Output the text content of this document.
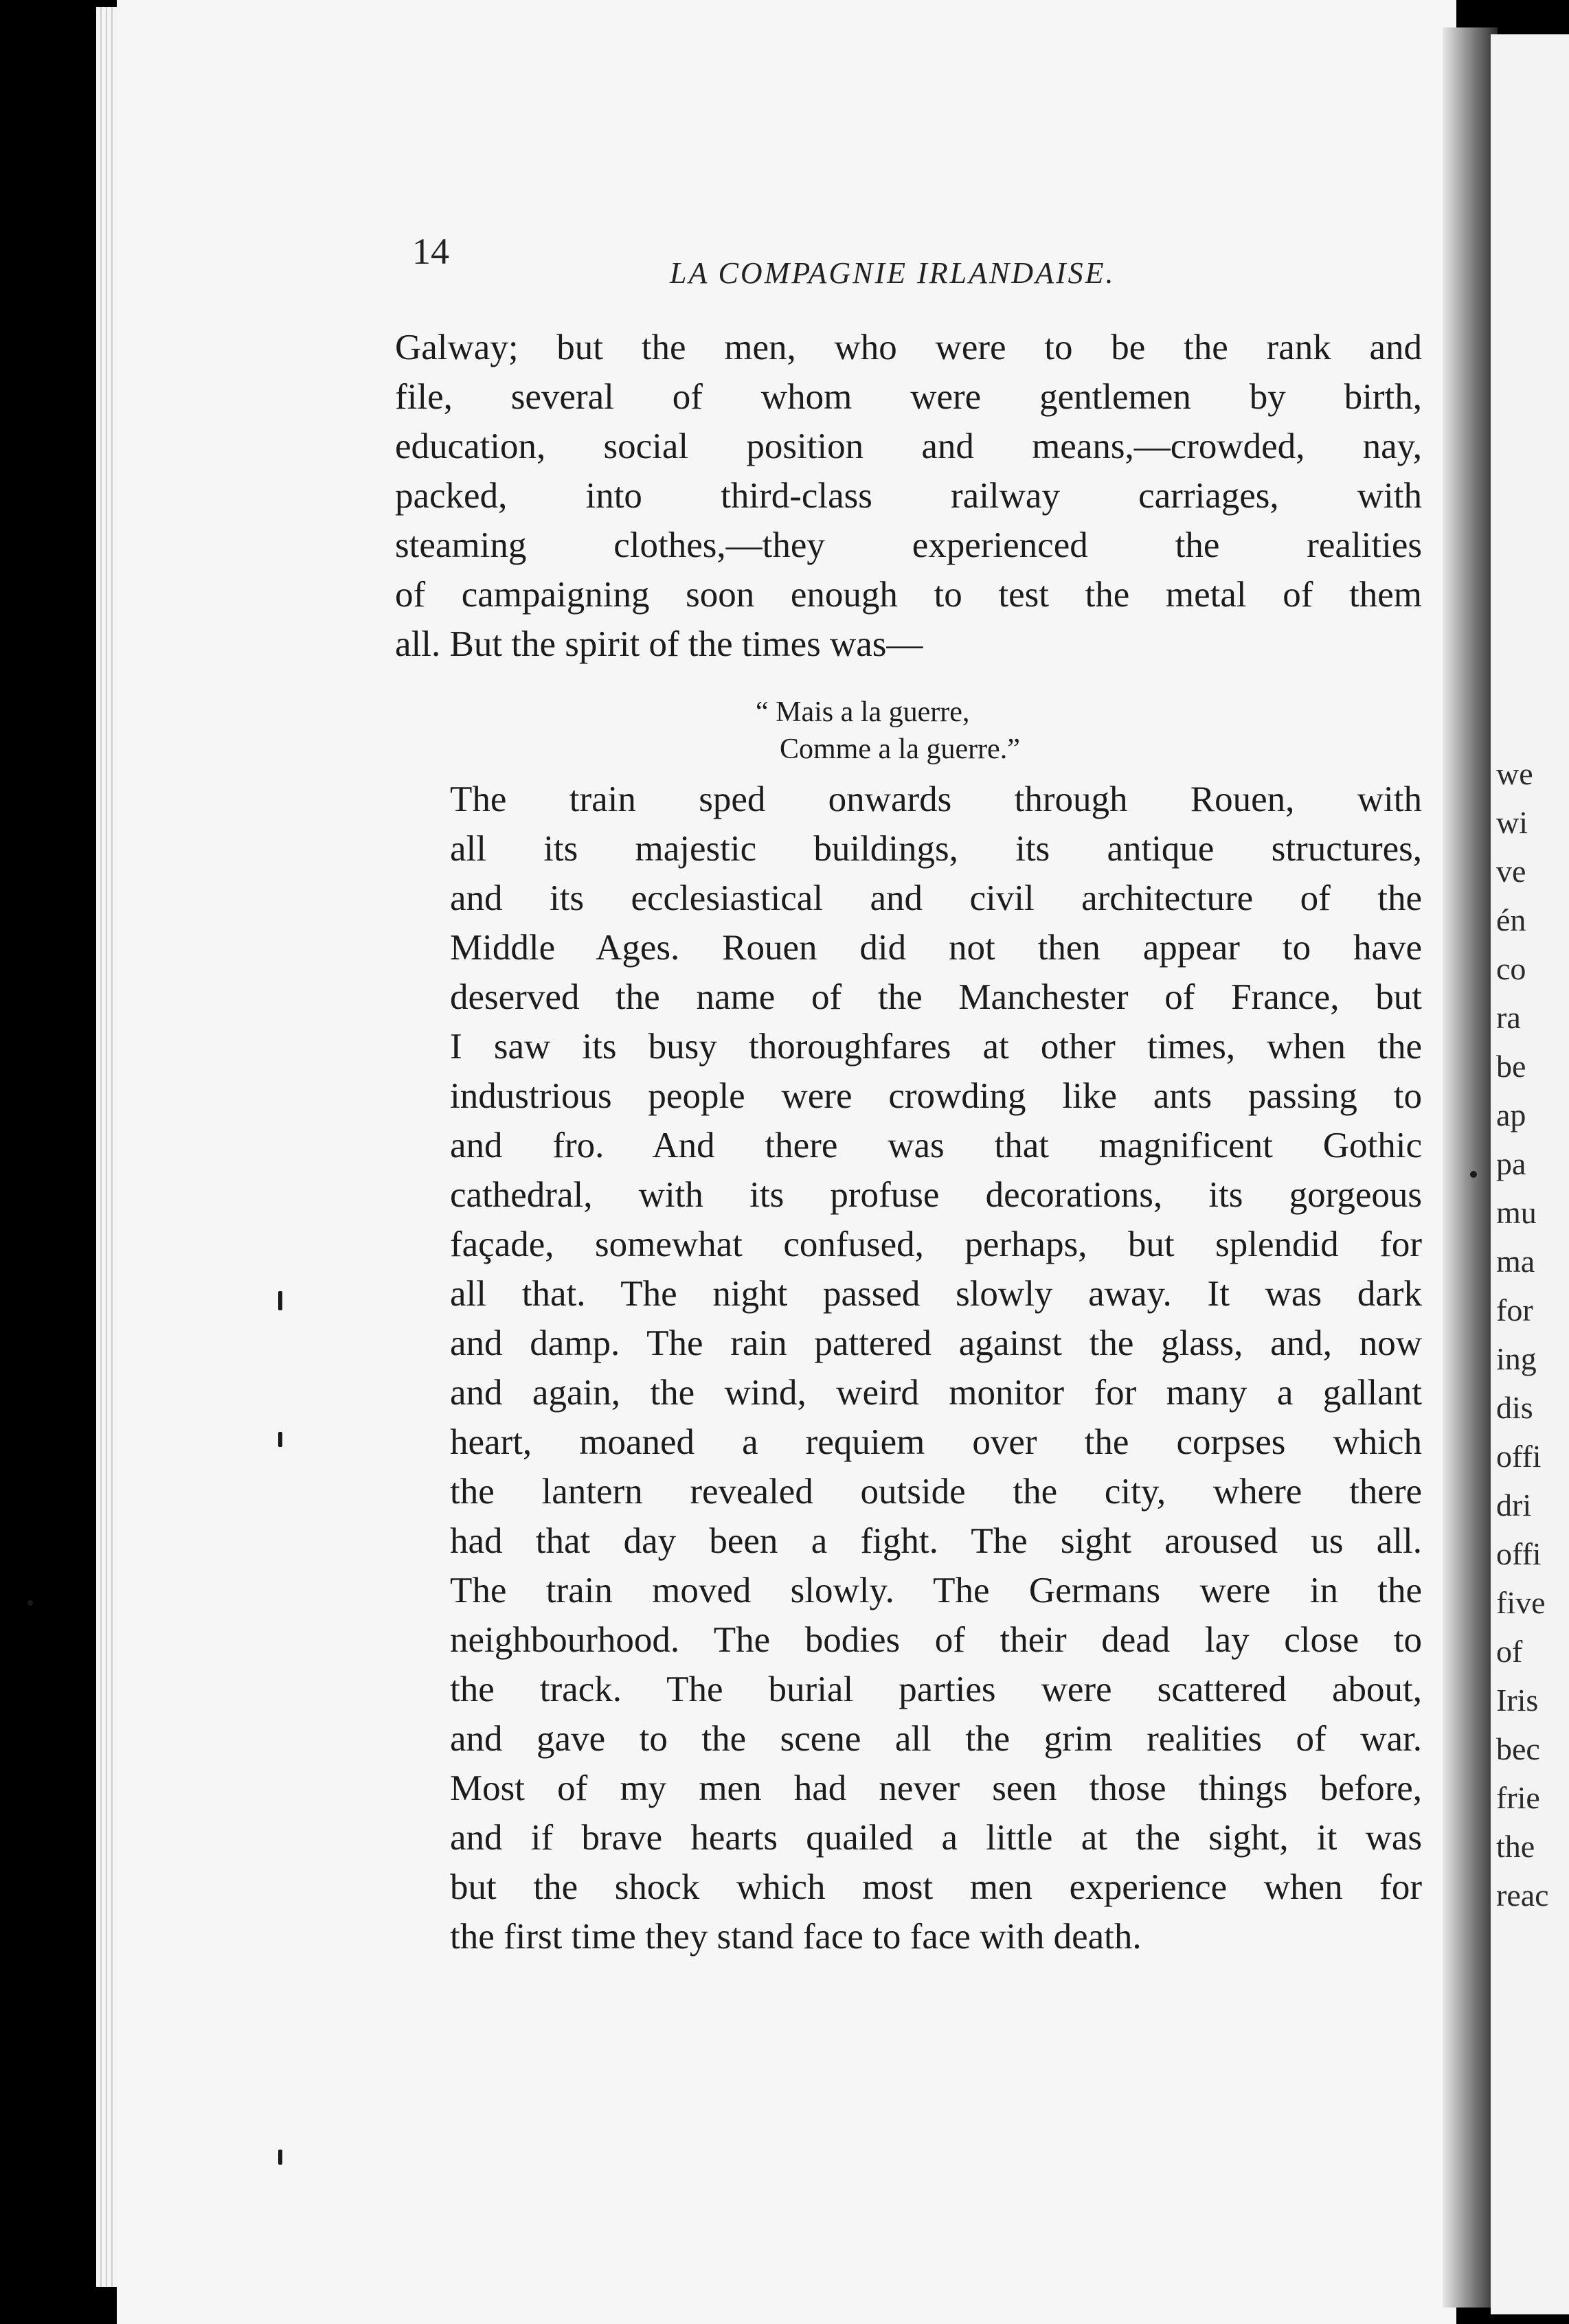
we
wi
ve
én
co
ra
be
ap
pa
mu
ma
for
ing
dis
offi
dri
offi
five
of
Iris
bec
frie
the
reac
14
LA COMPAGNIE IRLANDAISE.
Galway; but the men, who were to be the rank and
file, several of whom were gentlemen by birth,
education, social position and means,—crowded, nay,
packed, into third-class railway carriages, with
steaming clothes,—they experienced the realities
of campaigning soon enough to test the metal of them
all. But the spirit of the times was—
“ Mais a la guerre,
Comme a la guerre.”
The train sped onwards through Rouen, with
all its majestic buildings, its antique structures,
and its ecclesiastical and civil architecture of the
Middle Ages. Rouen did not then appear to have
deserved the name of the Manchester of France, but
I saw its busy thoroughfares at other times, when the
industrious people were crowding like ants passing to
and fro. And there was that magnificent Gothic
cathedral, with its profuse decorations, its gorgeous
façade, somewhat confused, perhaps, but splendid for
all that. The night passed slowly away. It was dark
and damp. The rain pattered against the glass, and, now
and again, the wind, weird monitor for many a gallant
heart, moaned a requiem over the corpses which
the lantern revealed outside the city, where there
had that day been a fight. The sight aroused us all.
The train moved slowly. The Germans were in the
neighbourhood. The bodies of their dead lay close to
the track. The burial parties were scattered about,
and gave to the scene all the grim realities of war.
Most of my men had never seen those things before,
and if brave hearts quailed a little at the sight, it was
but the shock which most men experience when for
the first time they stand face to face with death.
